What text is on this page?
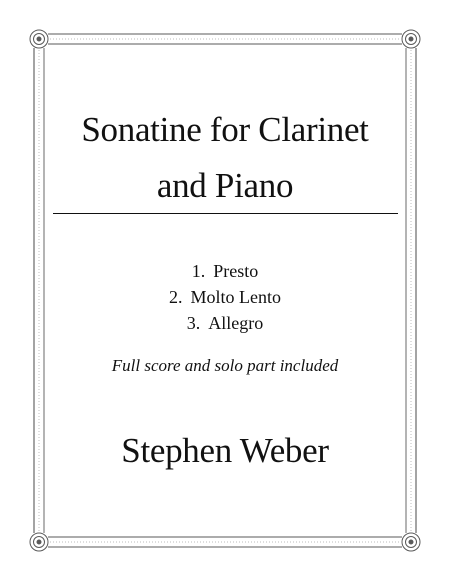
Sonatine for Clarinet
and Piano
1. Presto
2. Molto Lento
3. Allegro
Full score and solo part included
Stephen Weber
